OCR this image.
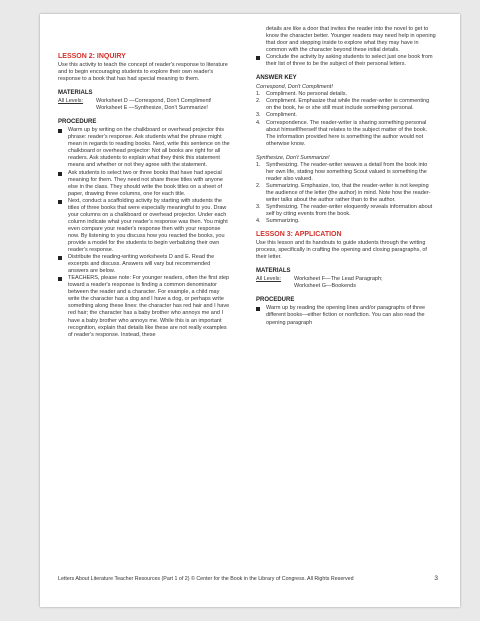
LESSON 2: INQUIRY

Use this activity to teach the concept of reader's response to literature and to begin encouraging students to explore their own reader's response to a book that has had special meaning to them.

MATERIALS
All Levels:	Worksheet D —Correspond, Don't Compliment!
Worksheet E —Synthesize, Don't Summarize!
PROCEDURE
Warm up by writing on the chalkboard or overhead projector this phrase: reader's response. Ask students what the phrase might mean in regards to reading books. Next, write this sentence on the chalkboard or overhead projector: Not all books are right for all readers. Ask students to explain what they think this statement means and whether or not they agree with the statement.
Ask students to select two or three books that have had special meaning for them. They need not share these titles with anyone else in the class. They should write the book titles on a sheet of paper, drawing three columns, one for each title.
Next, conduct a scaffolding activity by starting with students the titles of three books that were especially meaningful to you. Draw your columns on a chalkboard or overhead projector. Under each column indicate what your reader's response was then. You might even compare your reader's response then with your response now. By listening to you discuss how you reacted the books, you provide a model for the students to begin verbalizing their own reader's response.
Distribute the reading-writing worksheets D and E. Read the excerpts and discuss. Answers will vary but recommended answers are below.
TEACHERS, please note: For younger readers, often the first step toward a reader's response is finding a common denominator between the reader and a character. For example, a child may write the character has a dog and I have a dog, or perhaps write something along these lines: the character has red hair and I have red hair; the character has a baby brother who annoys me and I have a baby brother who annoys me. While this is an important recognition, explain that details like these are not really examples of reader's response. Instead, these

details are like a door that invites the reader into the novel to get to know the character better. Younger readers may need help in opening that door and stepping inside to explore what they may have in common with the character beyond these initial details.

Conclude the activity by asking students to select just one book from their list of three to be the subject of their personal letters.
ANSWER KEY
Correspond, Don't Compliment!
1. Compliment. No personal details.
2. Compliment. Emphasize that while the reader-writer is commenting on the book, he or she still must include something personal.
3. Compliment.
4. Correspondence. The reader-writer is sharing something personal about himself/herself that relates to the subject matter of the book. The information provided here is something the author would not otherwise know.
Synthesize, Don't Summarize!
1. Synthesizing. The reader-writer weaves a detail from the book into her own life, stating how something Scout valued is something the reader also valued.
2. Summarizing. Emphasize, too, that the reader-writer is not keeping the audience of the letter (the author) in mind. Note how the reader-writer talks about the author rather than to the author.
3. Synthesizing. The reader-writer eloquently reveals information about self by citing events from the book.
4. Summarizing.
LESSON 3: APPLICATION

Use this lesson and its handouts to guide students through the writing process, specifically in crafting the opening and closing paragraphs, of their letter.

MATERIALS
All Levels:	Worksheet F—The Lead Paragraph;
Worksheet G—Bookends
PROCEDURE
Warm up by reading the opening lines and/or paragraphs of three different books—either fiction or nonfiction. You can also read the opening paragraph
Letters About Literature Teacher Resources (Part 1 of 2) © Center for the Book in the Library of Congress. All Rights Reserved	3
